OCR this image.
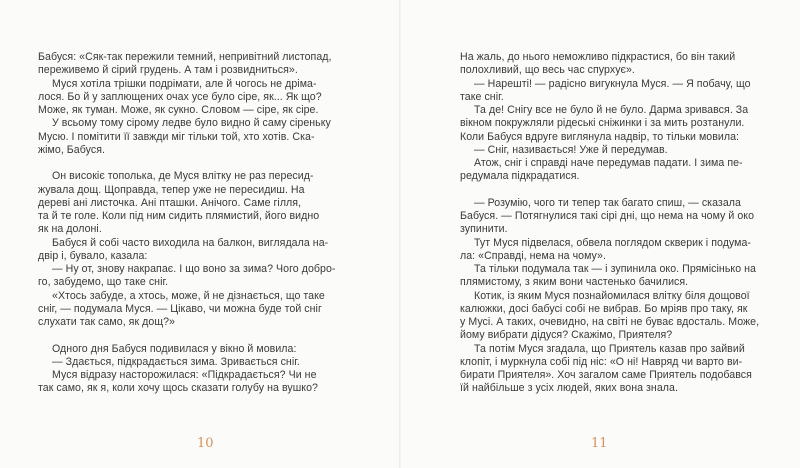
Бабуся: «Сяк-так пережили темний, непривітний листопад,
переживемо й сірий грудень. А там і розвидниться».
Муся хотіла трішки подрімати, але й чогось не дріма-
лося. Бо й у заплющених очах усе було сіре, як... Як що?
Може, як туман. Може, як сукно. Словом — сіре, як сіре.
У всьому тому сірому ледве було видно й саму сіреньку
Мусю. І помітити її завжди міг тільки той, хто хотів. Ска-
жімо, Бабуся.
Он високіє тополька, де Муся влітку не раз пересид-
жувала дощ. Щоправда, тепер уже не пересидиш. На
дереві ані листочка. Ані пташки. Анічого. Саме гілля,
та й те голе. Коли під ним сидить плямистий, його видно
як на долоні.
Бабуся й собі часто виходила на балкон, виглядала на-
двір і, бувало, казала:
— Ну от, знову накрапає. І що воно за зима? Чого добро-
го, забудемо, що таке сніг.
«Хтось забуде, а хтось, може, й не дізнається, що таке
сніг, — подумала Муся. — Цікаво, чи можна буде той сніг
слухати так само, як дощ?»
Одного дня Бабуся подивилася у вікно й мовила:
— Здається, підкрадається зима. Зривається сніг.
Муся відразу насторожилася: «Підкрадається? Чи не
так само, як я, коли хочу щось сказати голубу на вушко?
10
На жаль, до нього неможливо підкрастися, бо він такий
полохливий, що весь час спурхує».
— Нарешті! — радісно вигукнула Муся. — Я побачу, що
таке сніг.
Та де! Снігу все не було й не було. Дарма зривався. За
вікном покружляли рідеські сніжинки і за мить розтанули.
Коли Бабуся вдруге виглянула надвір, то тільки мовила:
— Сніг, називається! Уже й передумав.
Атож, сніг і справді наче передумав падати. І зима пе-
редумала підкрадатися.
— Розумію, чого ти тепер так багато спиш, — сказала
Бабуся. — Потягнулися такі сірі дні, що нема на чому й око
зупинити.
Тут Муся підвелася, обвела поглядом скверик і подума-
ла: «Справді, нема на чому».
Та тільки подумала так — і зупинила око. Прямісінько на
плямистому, з яким вони частенько бачилися.
Котик, із яким Муся познайомилася влітку біля дощової
калюжки, досі бабусі собі не вибрав. Бо мріяв про таку, як
у Мусі. А таких, очевидно, на світі не буває вдосталь. Може,
йому вибрати дідуся? Скажімо, Приятеля?
Та потім Муся згадала, що Приятель казав про зайвий
клопіт, і муркнула собі під ніс: «О ні! Навряд чи варто ви-
бирати Приятеля». Хоч загалом саме Приятель подобався
їй найбільше з усіх людей, яких вона знала.
11
